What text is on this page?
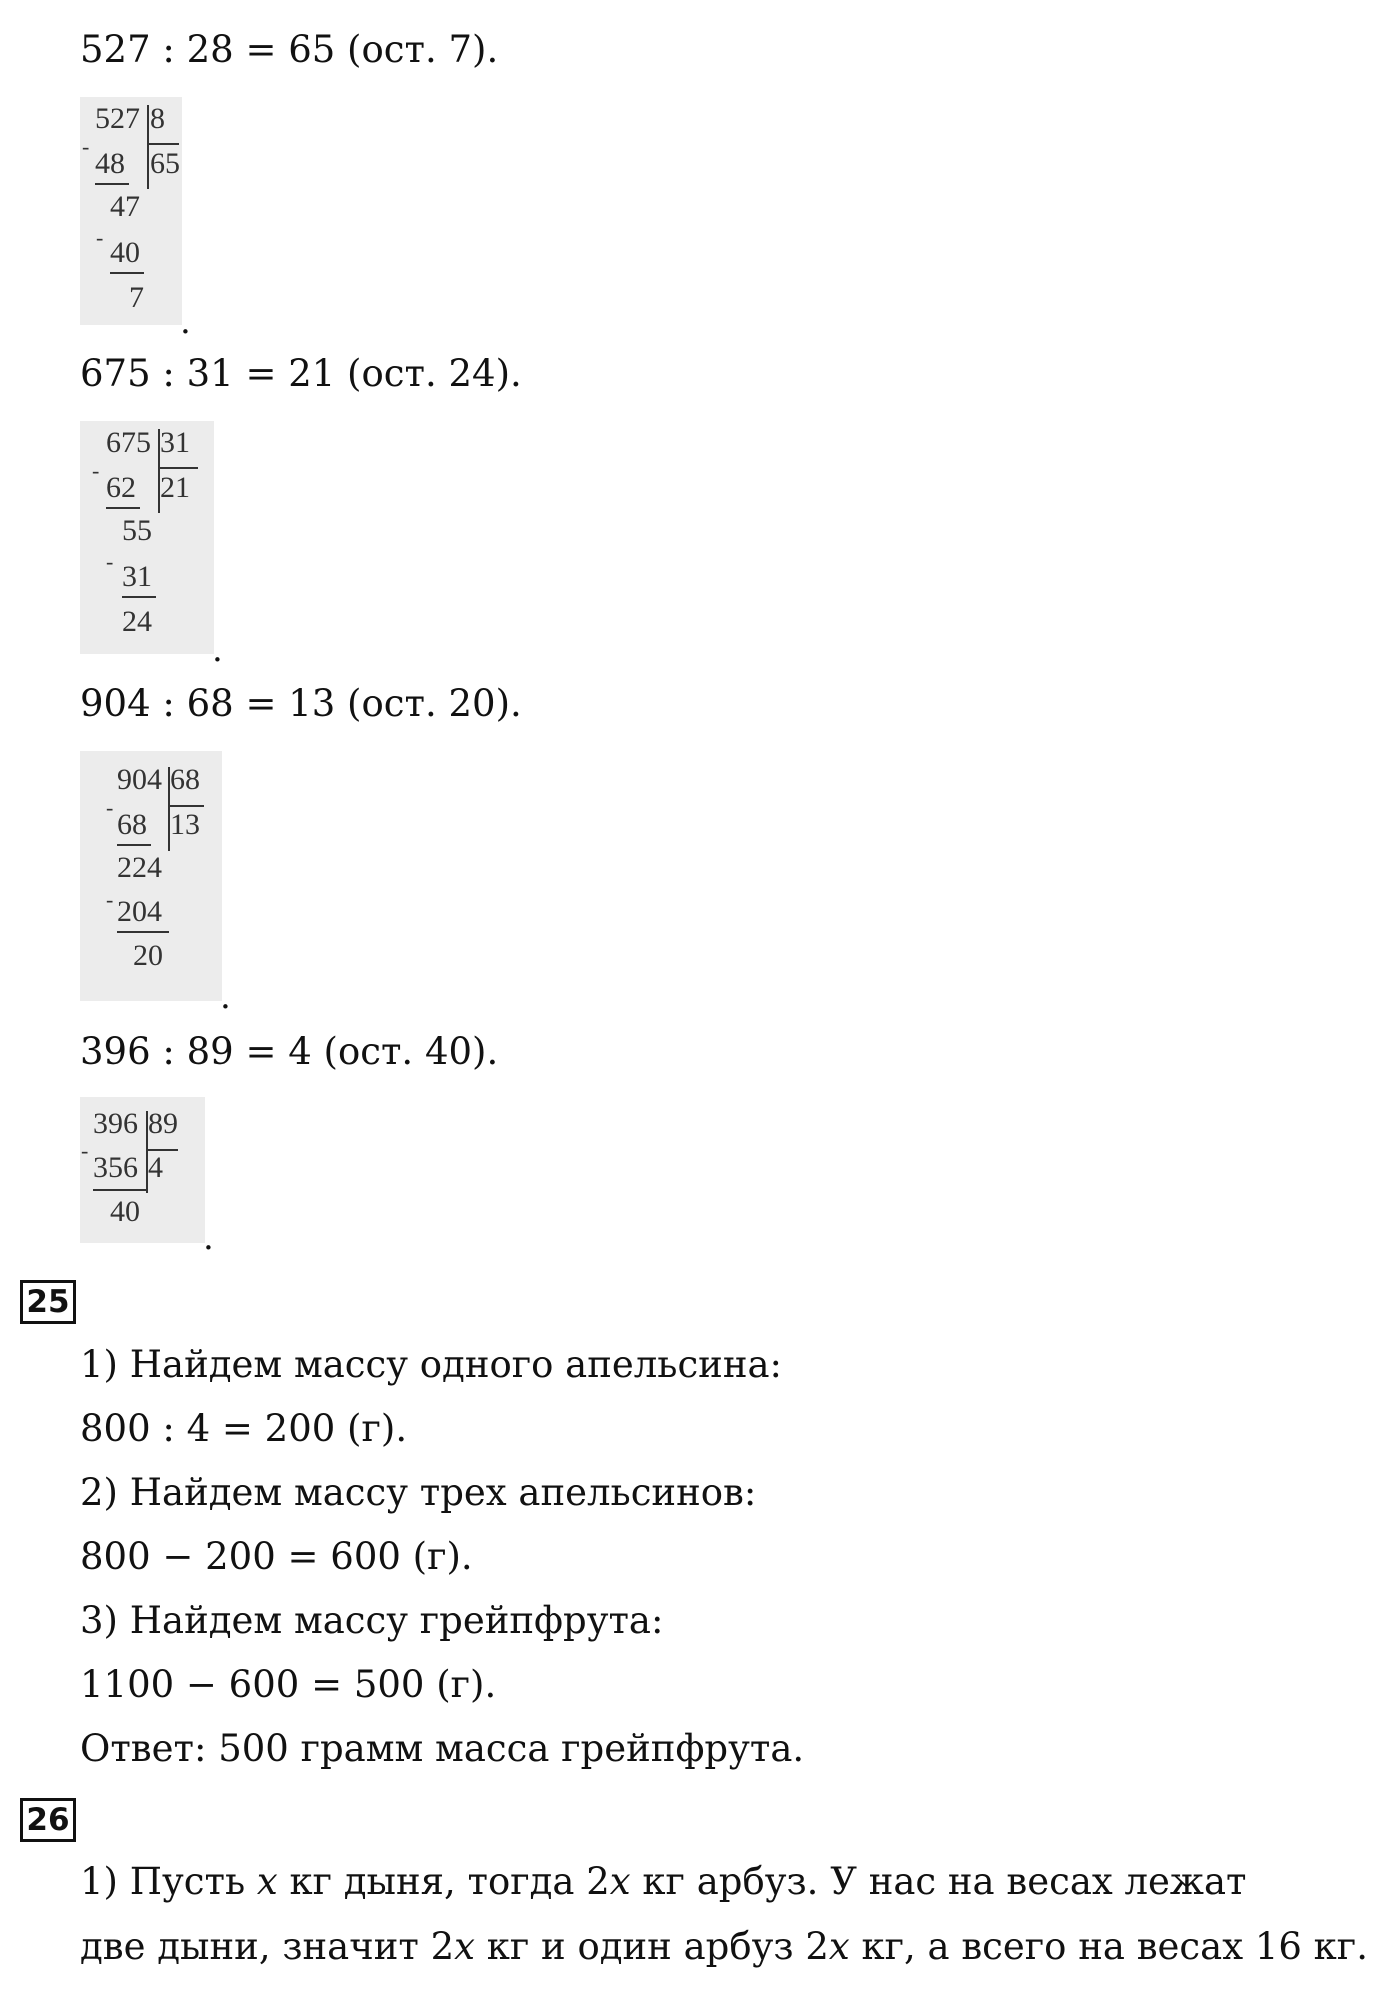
527 : 28 = 65 (ост. 7).
527 8
-
48 65
47
- 40
7
.
675 : 31 = 21 (ост. 24).
675 31
-
62 21
55
- 31
24
.
904 : 68 = 13 (ост. 20).
904 68
-
68 13
224
- 204
20
.
396 : 89 = 4 (ост. 40).
396 89
-
356 4
40
.
25
1) Найдем массу одного апельсина:
800 : 4 = 200 (г).
2) Найдем массу трех апельсинов:
800 − 200 = 600 (г).
3) Найдем массу грейпфрута:
1100 − 600 = 500 (г).
Ответ: 500 грамм масса грейпфрута.
26
1) Пусть 𝑥 кг дыня, тогда 2𝑥 кг арбуз. У нас на весах лежат
две дыни, значит 2𝑥 кг и один арбуз 2𝑥 кг, а всего на весах 16 кг.
